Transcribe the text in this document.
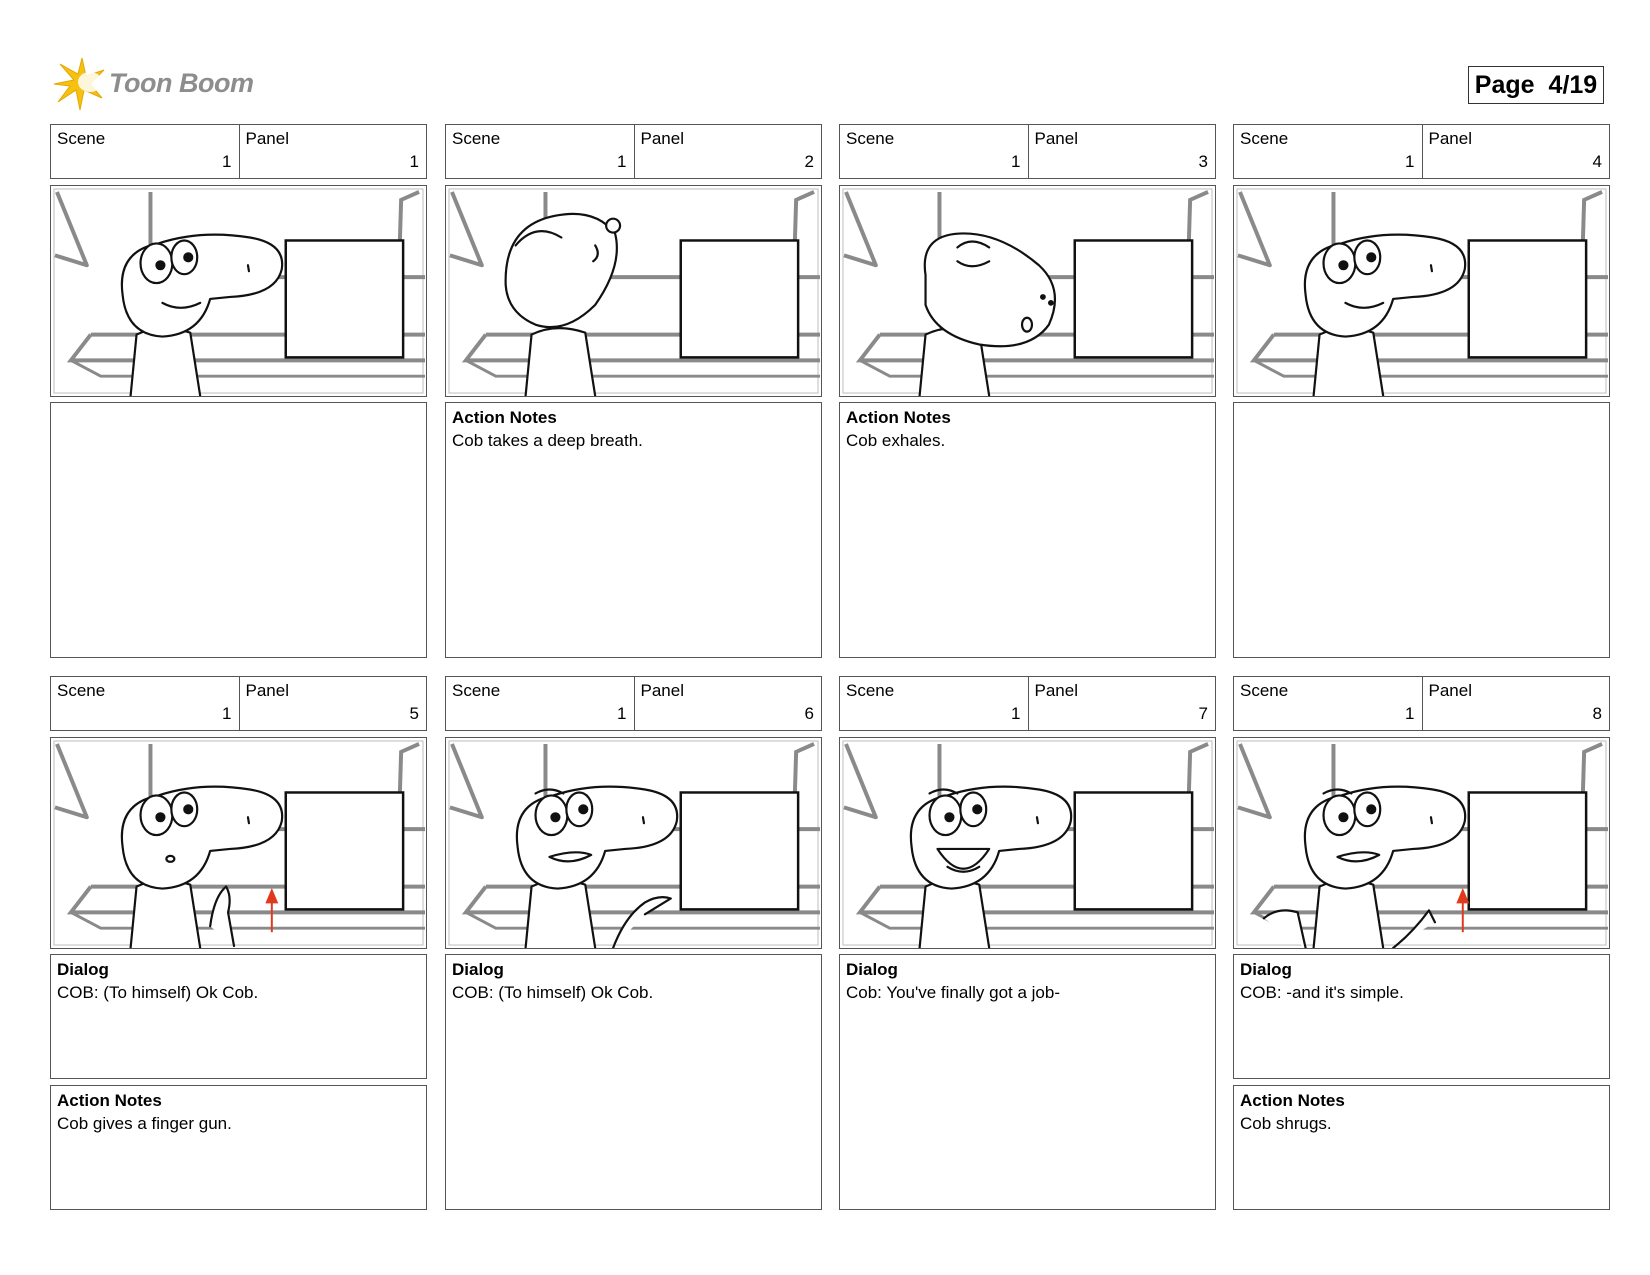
Toon Boom	Page 4/19
Scene
1
Panel
1
Scene
1
Panel
2
Action Notes
Cob takes a deep breath.
Scene
1
Panel
3
Action Notes
Cob exhales.
Scene
1
Panel
4
Scene
1
Panel
5
Dialog
COB: (To himself) Ok Cob.
Action Notes
Cob gives a finger gun.
Scene
1
Panel
6
Dialog
COB: (To himself) Ok Cob.
Scene
1
Panel
7
Dialog
Cob: You've finally got a job-
Scene
1
Panel
8
Dialog
COB: -and it's simple.
Action Notes
Cob shrugs.
